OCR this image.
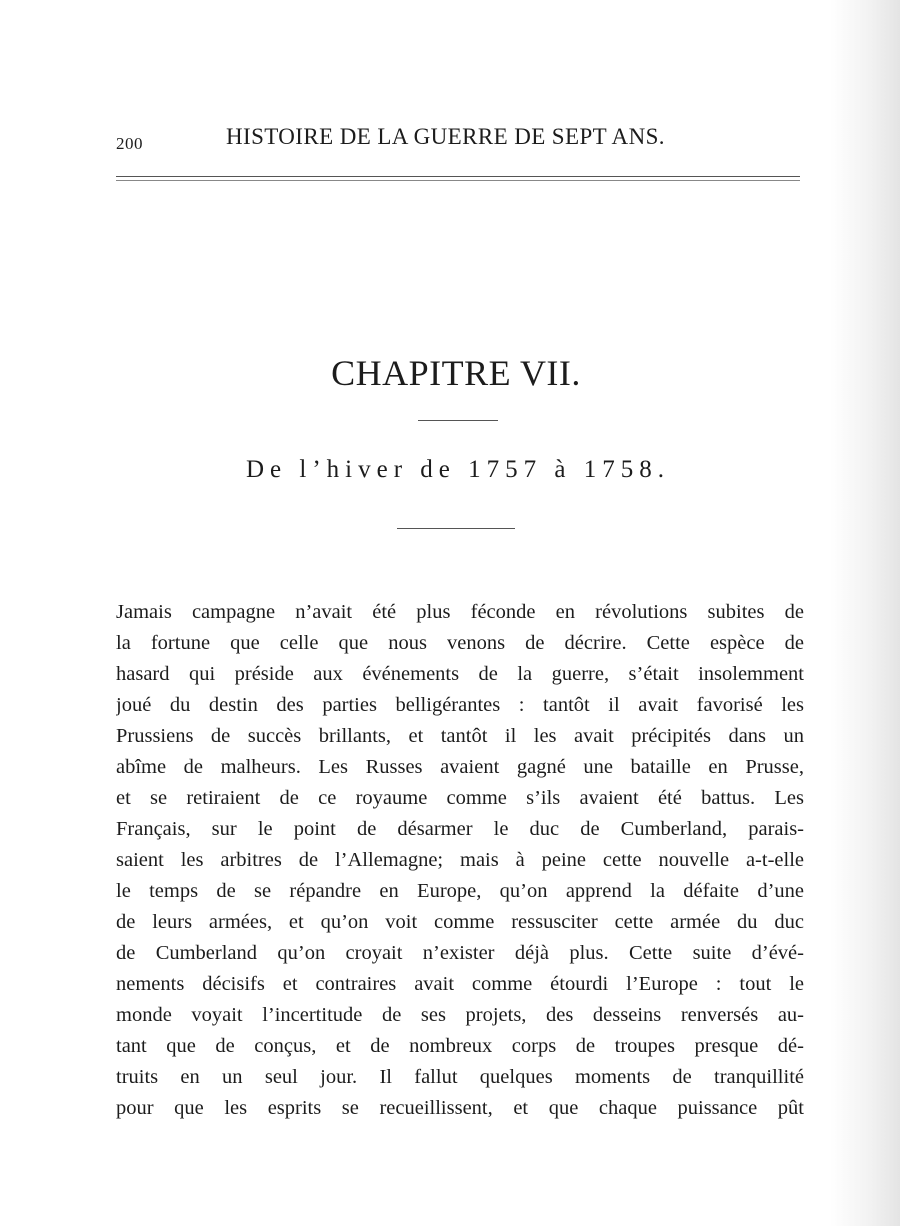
200	HISTOIRE DE LA GUERRE DE SEPT ANS.
CHAPITRE VII.
De l’hiver de 1757 à 1758.
Jamais campagne n’avait été plus féconde en révolutions subites de
la fortune que celle que nous venons de décrire. Cette espèce de
hasard qui préside aux événements de la guerre, s’était insolemment
joué du destin des parties belligérantes : tantôt il avait favorisé les
Prussiens de succès brillants, et tantôt il les avait précipités dans un
abîme de malheurs. Les Russes avaient gagné une bataille en Prusse,
et se retiraient de ce royaume comme s’ils avaient été battus. Les
Français, sur le point de désarmer le duc de Cumberland, parais-
saient les arbitres de l’Allemagne; mais à peine cette nouvelle a-t-elle
le temps de se répandre en Europe, qu’on apprend la défaite d’une
de leurs armées, et qu’on voit comme ressusciter cette armée du duc
de Cumberland qu’on croyait n’exister déjà plus. Cette suite d’évé-
nements décisifs et contraires avait comme étourdi l’Europe : tout le
monde voyait l’incertitude de ses projets, des desseins renversés au-
tant que de conçus, et de nombreux corps de troupes presque dé-
truits en un seul jour. Il fallut quelques moments de tranquillité
pour que les esprits se recueillissent, et que chaque puissance pût
